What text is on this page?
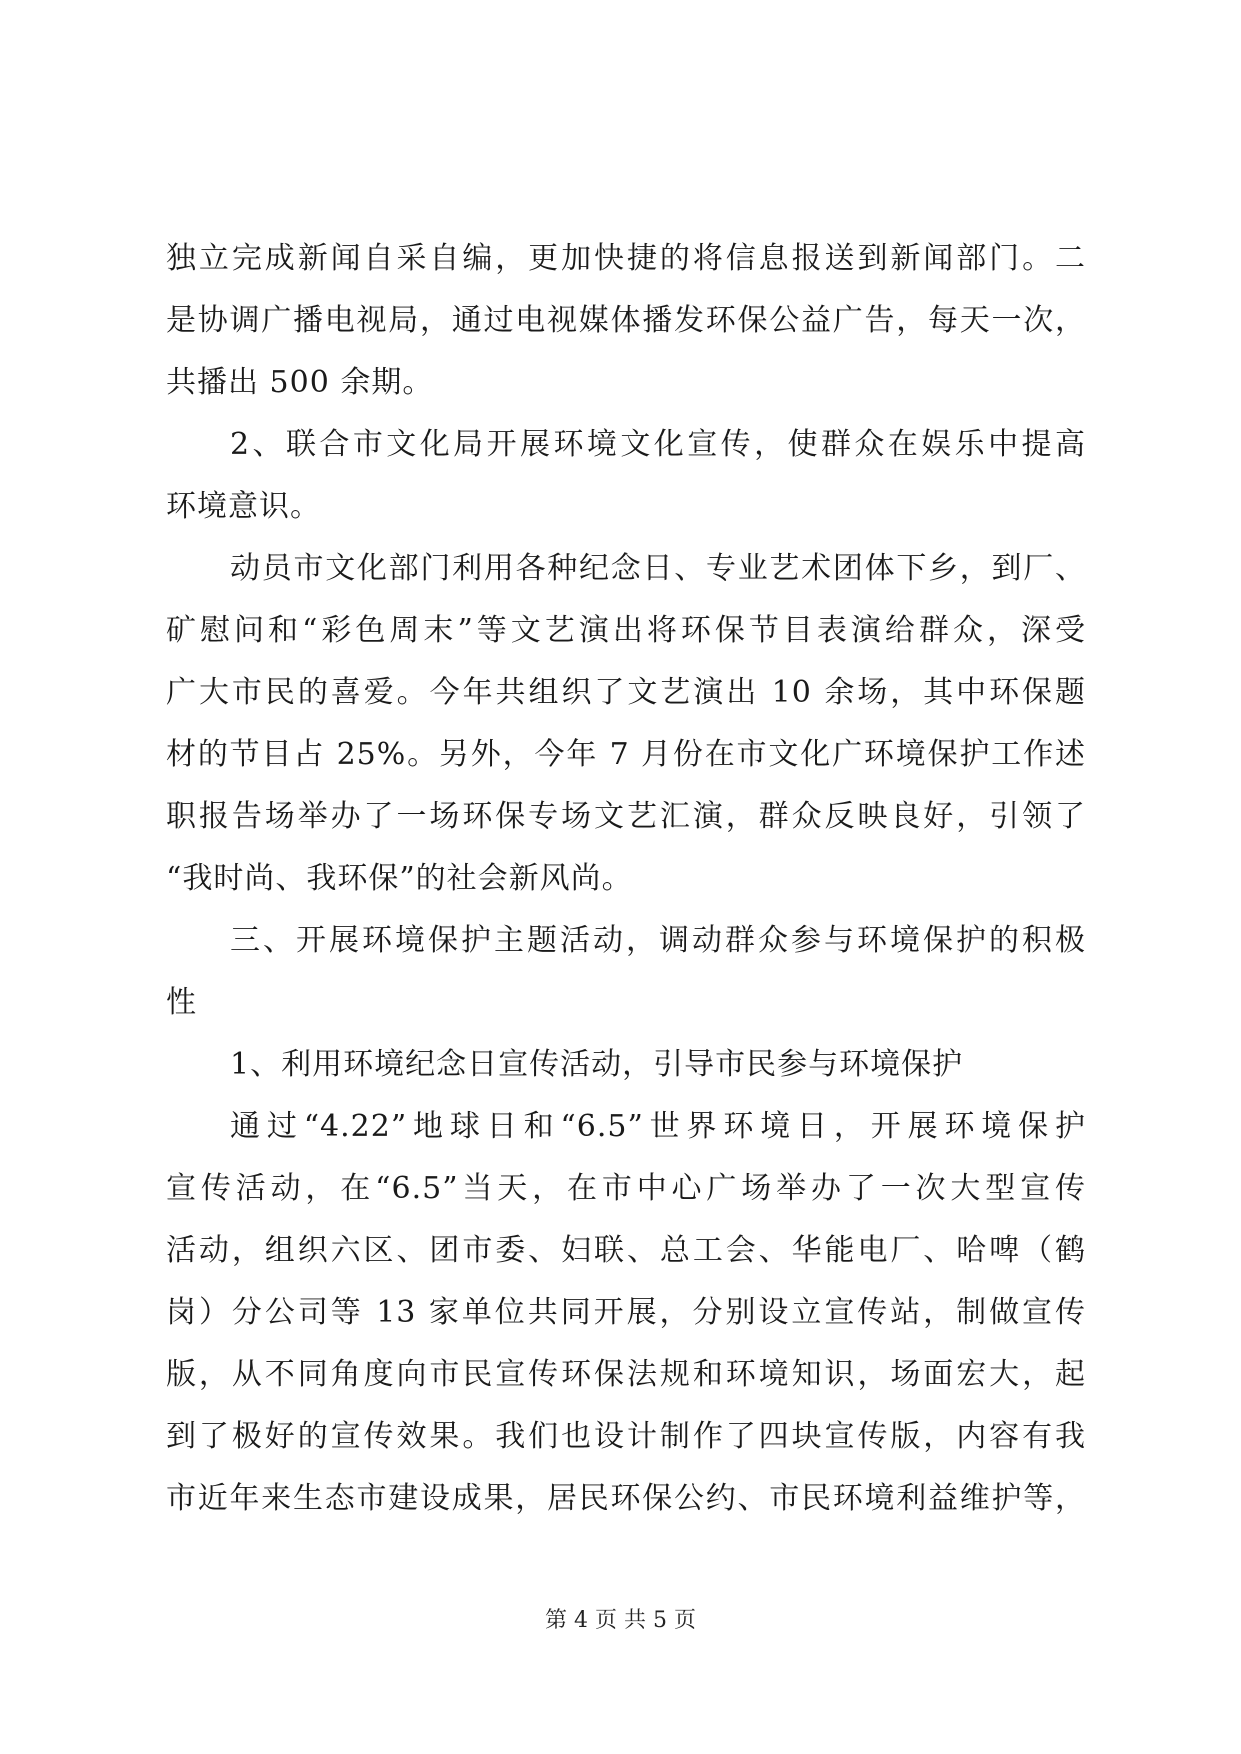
独立完成新闻自采自编，更加快捷的将信息报送到新闻部门。二
是协调广播电视局，通过电视媒体播发环保公益广告，每天一次，
共播出 500 余期。
2、联合市文化局开展环境文化宣传，使群众在娱乐中提高
环境意识。
动员市文化部门利用各种纪念日、专业艺术团体下乡，到厂、
矿慰问和“彩色周末”等文艺演出将环保节目表演给群众，深受
广大市民的喜爱。今年共组织了文艺演出 10 余场，其中环保题
材的节目占 25%。另外，今年 7 月份在市文化广环境保护工作述
职报告场举办了一场环保专场文艺汇演，群众反映良好，引领了
“我时尚、我环保”的社会新风尚。
三、开展环境保护主题活动，调动群众参与环境保护的积极
性
1、利用环境纪念日宣传活动，引导市民参与环境保护
通过“4.22”地球日和“6.5”世界环境日，开展环境保护
宣传活动，在“6.5”当天，在市中心广场举办了一次大型宣传
活动，组织六区、团市委、妇联、总工会、华能电厂、哈啤（鹤
岗）分公司等 13 家单位共同开展，分别设立宣传站，制做宣传
版，从不同角度向市民宣传环保法规和环境知识，场面宏大，起
到了极好的宣传效果。我们也设计制作了四块宣传版，内容有我
市近年来生态市建设成果，居民环保公约、市民环境利益维护等，
第 4 页 共 5 页
